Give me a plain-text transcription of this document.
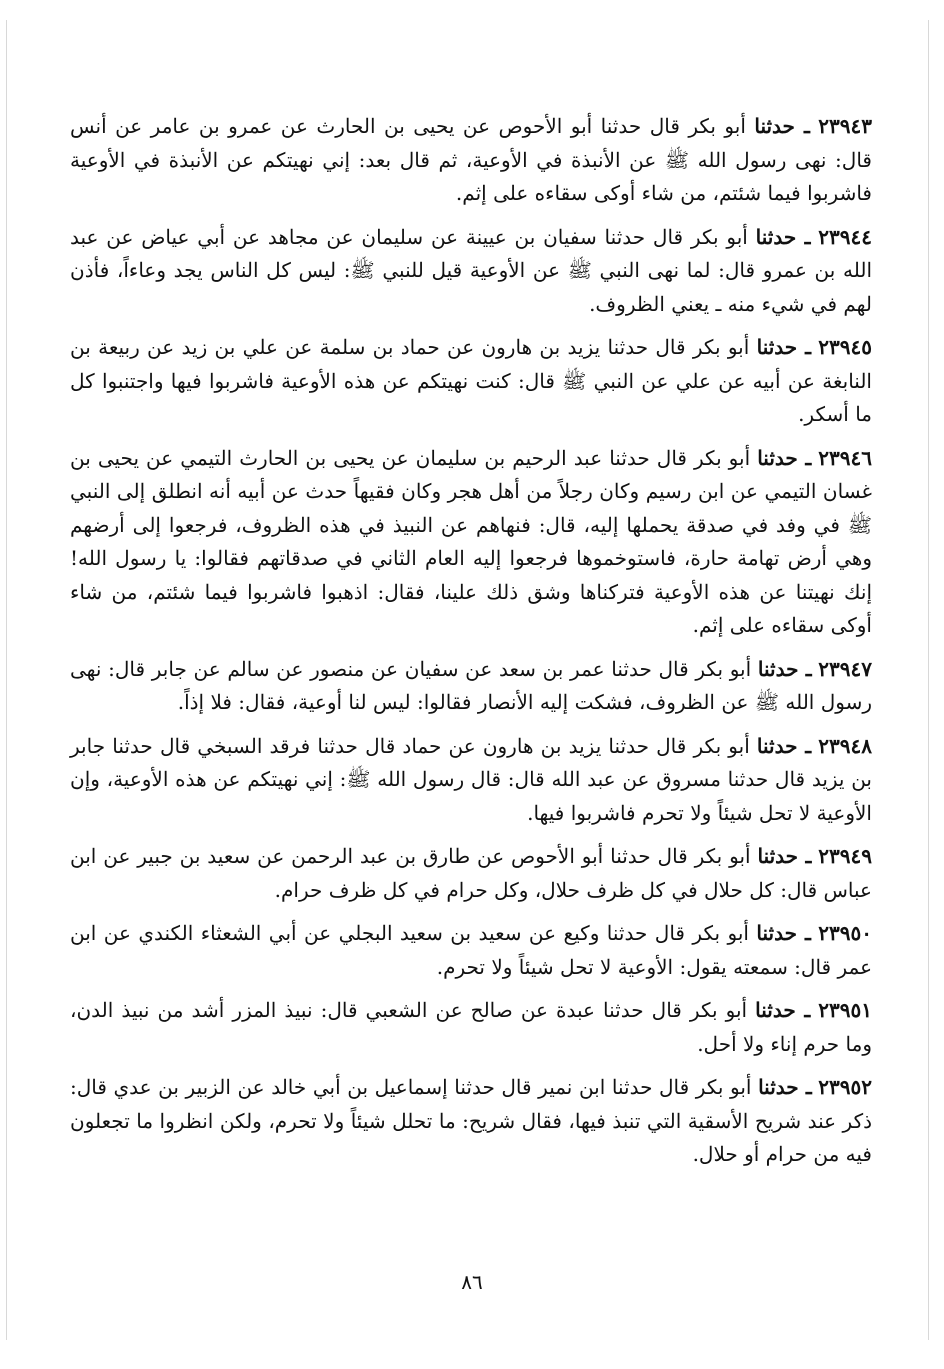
٢٣٩٤٣ ـ حدثنا أبو بكر قال حدثنا أبو الأحوص عن يحيى بن الحارث عن عمرو بن عامر عن أنس قال: نهى رسول الله ﷺ عن الأنبذة في الأوعية، ثم قال بعد: إني نهيتكم عن الأنبذة في الأوعية فاشربوا فيما شئتم، من شاء أوكى سقاءه على إثم.

٢٣٩٤٤ ـ حدثنا أبو بكر قال حدثنا سفيان بن عيينة عن سليمان عن مجاهد عن أبي عياض عن عبد الله بن عمرو قال: لما نهى النبي ﷺ عن الأوعية قيل للنبي ﷺ: ليس كل الناس يجد وعاءاً، فأذن لهم في شيء منه ـ يعني الظروف.

٢٣٩٤٥ ـ حدثنا أبو بكر قال حدثنا يزيد بن هارون عن حماد بن سلمة عن علي بن زيد عن ربيعة بن النابغة عن أبيه عن علي عن النبي ﷺ قال: كنت نهيتكم عن هذه الأوعية فاشربوا فيها واجتنبوا كل ما أسكر.

٢٣٩٤٦ ـ حدثنا أبو بكر قال حدثنا عبد الرحيم بن سليمان عن يحيى بن الحارث التيمي عن يحيى بن غسان التيمي عن ابن رسيم وكان رجلاً من أهل هجر وكان فقيهاً حدث عن أبيه أنه انطلق إلى النبي ﷺ في وفد في صدقة يحملها إليه، قال: فنهاهم عن النبيذ في هذه الظروف، فرجعوا إلى أرضهم وهي أرض تهامة حارة، فاستوخموها فرجعوا إليه العام الثاني في صدقاتهم فقالوا: يا رسول الله! إنك نهيتنا عن هذه الأوعية فتركناها وشق ذلك علينا، فقال: اذهبوا فاشربوا فيما شئتم، من شاء أوكى سقاءه على إثم.

٢٣٩٤٧ ـ حدثنا أبو بكر قال حدثنا عمر بن سعد عن سفيان عن منصور عن سالم عن جابر قال: نهى رسول الله ﷺ عن الظروف، فشكت إليه الأنصار فقالوا: ليس لنا أوعية، فقال: فلا إذاً.

٢٣٩٤٨ ـ حدثنا أبو بكر قال حدثنا يزيد بن هارون عن حماد قال حدثنا فرقد السبخي قال حدثنا جابر بن يزيد قال حدثنا مسروق عن عبد الله قال: قال رسول الله ﷺ: إني نهيتكم عن هذه الأوعية، وإن الأوعية لا تحل شيئاً ولا تحرم فاشربوا فيها.

٢٣٩٤٩ ـ حدثنا أبو بكر قال حدثنا أبو الأحوص عن طارق بن عبد الرحمن عن سعيد بن جبير عن ابن عباس قال: كل حلال في كل ظرف حلال، وكل حرام في كل ظرف حرام.

٢٣٩٥٠ ـ حدثنا أبو بكر قال حدثنا وكيع عن سعيد بن سعيد البجلي عن أبي الشعثاء الكندي عن ابن عمر قال: سمعته يقول: الأوعية لا تحل شيئاً ولا تحرم.

٢٣٩٥١ ـ حدثنا أبو بكر قال حدثنا عبدة عن صالح عن الشعبي قال: نبيذ المزر أشد من نبيذ الدن، وما حرم إناء ولا أحل.

٢٣٩٥٢ ـ حدثنا أبو بكر قال حدثنا ابن نمير قال حدثنا إسماعيل بن أبي خالد عن الزبير بن عدي قال: ذكر عند شريح الأسقية التي تنبذ فيها، فقال شريح: ما تحلل شيئاً ولا تحرم، ولكن انظروا ما تجعلون فيه من حرام أو حلال.

٨٦
